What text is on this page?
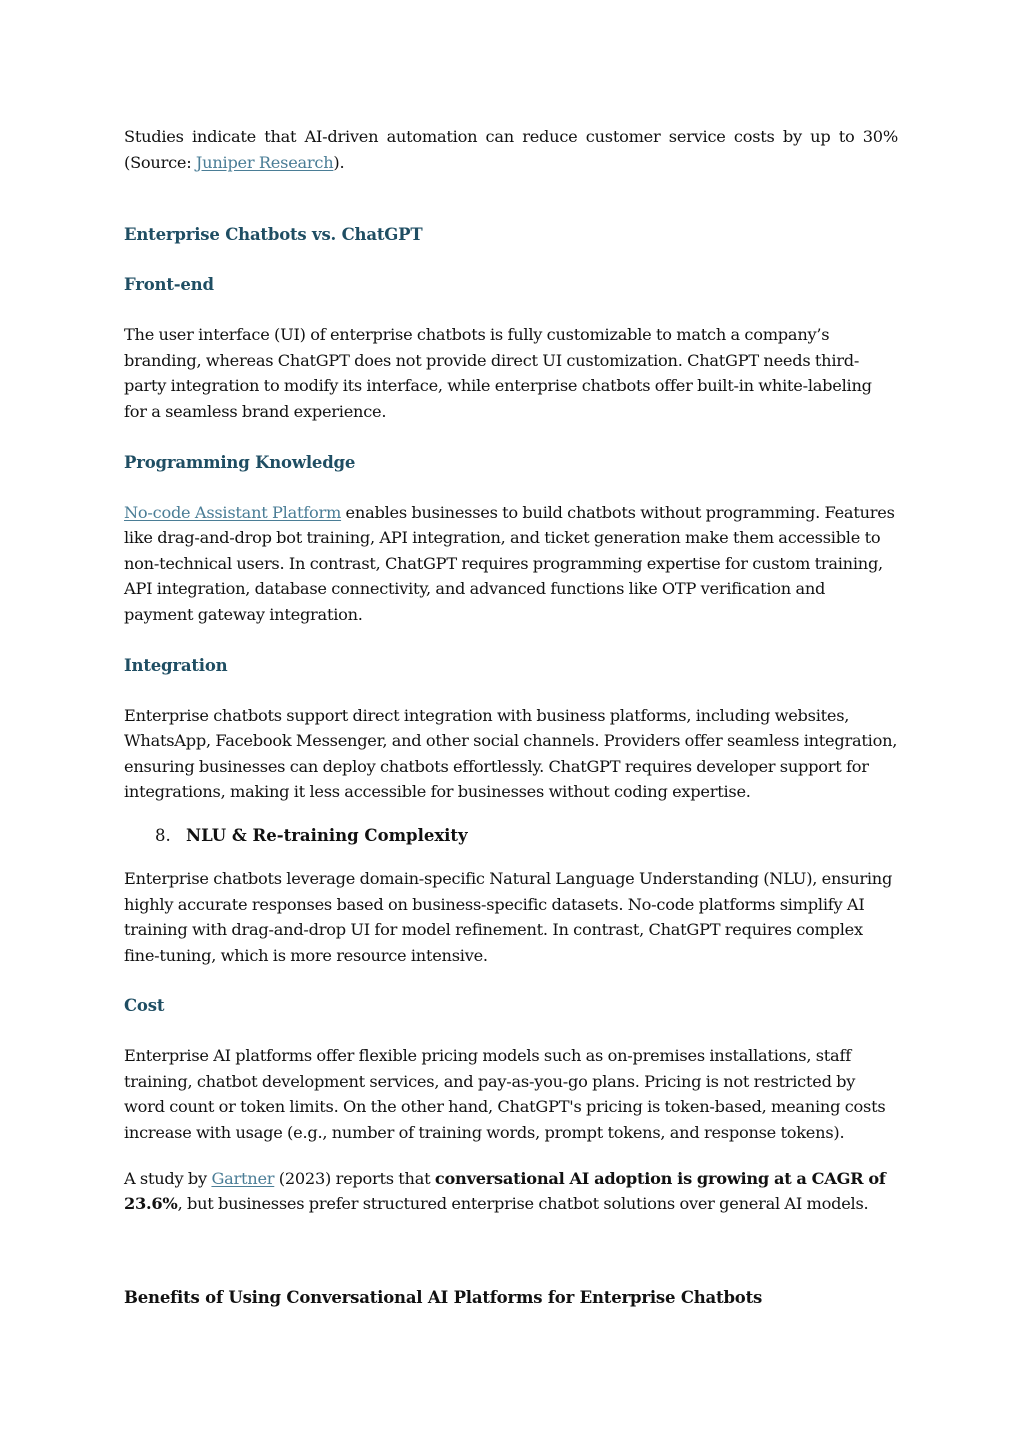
Studies indicate that AI-driven automation can reduce customer service costs by up to 30% (Source: Juniper Research).

Enterprise Chatbots vs. ChatGPT
Front-end

The user interface (UI) of enterprise chatbots is fully customizable to match a company’s branding, whereas ChatGPT does not provide direct UI customization. ChatGPT needs third-party integration to modify its interface, while enterprise chatbots offer built-in white-labeling for a seamless brand experience.

Programming Knowledge

No-code Assistant Platform enables businesses to build chatbots without programming. Features like drag-and-drop bot training, API integration, and ticket generation make them accessible to non-technical users. In contrast, ChatGPT requires programming expertise for custom training, API integration, database connectivity, and advanced functions like OTP verification and payment gateway integration.

Integration

Enterprise chatbots support direct integration with business platforms, including websites, WhatsApp, Facebook Messenger, and other social channels. Providers offer seamless integration, ensuring businesses can deploy chatbots effortlessly. ChatGPT requires developer support for integrations, making it less accessible for businesses without coding expertise.

8. NLU & Re-training Complexity

Enterprise chatbots leverage domain-specific Natural Language Understanding (NLU), ensuring highly accurate responses based on business-specific datasets. No-code platforms simplify AI training with drag-and-drop UI for model refinement. In contrast, ChatGPT requires complex fine-tuning, which is more resource intensive.

Cost

Enterprise AI platforms offer flexible pricing models such as on-premises installations, staff training, chatbot development services, and pay-as-you-go plans. Pricing is not restricted by word count or token limits. On the other hand, ChatGPT's pricing is token-based, meaning costs increase with usage (e.g., number of training words, prompt tokens, and response tokens).

A study by Gartner (2023) reports that conversational AI adoption is growing at a CAGR of 23.6%, but businesses prefer structured enterprise chatbot solutions over general AI models.

Benefits of Using Conversational AI Platforms for Enterprise Chatbots
